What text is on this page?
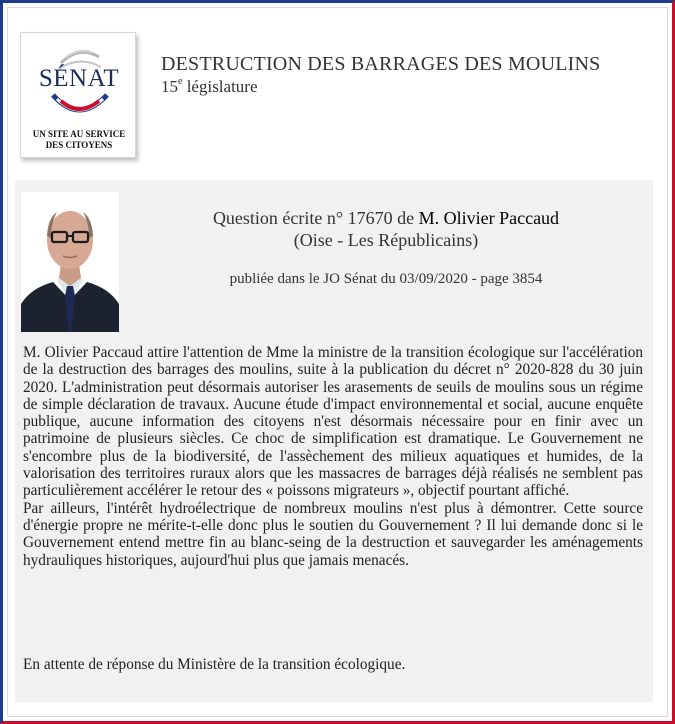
SÉNAT
UN SITE AU SERVICE
DES CITOYENS
DESTRUCTION DES BARRAGES DES MOULINS
15e législature
Question écrite n° 17670 de M. Olivier Paccaud
(Oise - Les Républicains)
publiée dans le JO Sénat du 03/09/2020 - page 3854

M. Olivier Paccaud attire l'attention de Mme la ministre de la transition écologique sur l'accélération de la destruction des barrages des moulins, suite à la publication du décret n° 2020-828 du 30 juin 2020. L'administration peut désormais autoriser les arasements de seuils de moulins sous un régime de simple déclaration de travaux. Aucune étude d'impact environnemental et social, aucune enquête publique, aucune information des citoyens n'est désormais nécessaire pour en finir avec un patrimoine de plusieurs siècles. Ce choc de simplification est dramatique. Le Gouvernement ne s'encombre plus de la biodiversité, de l'assèchement des milieux aquatiques et humides, de la valorisation des territoires ruraux alors que les massacres de barrages déjà réalisés ne semblent pas particulièrement accélérer le retour des « poissons migrateurs », objectif pourtant affiché.

Par ailleurs, l'intérêt hydroélectrique de nombreux moulins n'est plus à démontrer. Cette source d'énergie propre ne mérite-t-elle donc plus le soutien du Gouvernement ? Il lui demande donc si le Gouvernement entend mettre fin au blanc-seing de la destruction et sauvegarder les aménagements hydrauliques historiques, aujourd'hui plus que jamais menacés.

En attente de réponse du Ministère de la transition écologique.
